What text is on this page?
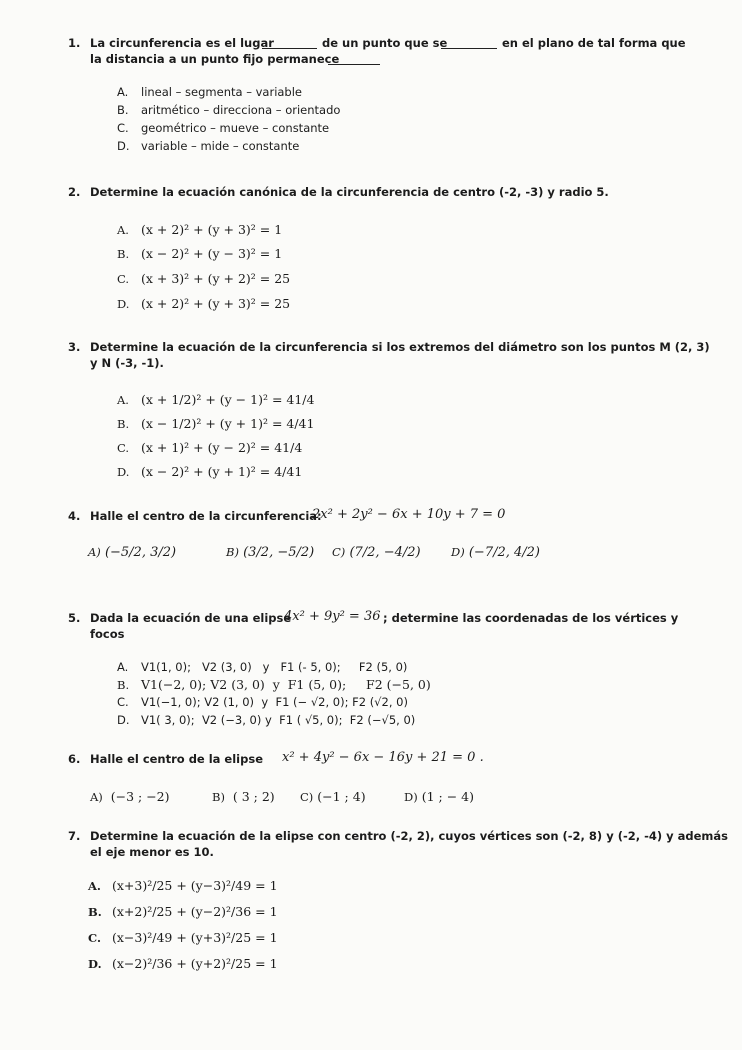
1. La circunferencia es el lugar	de un punto que se	en el plano de tal forma que
la distancia a un punto fijo permanece
A. lineal – segmenta – variable
B. aritmético – direcciona – orientado
C. geométrico – mueve – constante
D. variable – mide – constante
2. Determine la ecuación canónica de la circunferencia de centro (-2, -3) y radio 5.
A. (x + 2)² + (y + 3)² = 1
B. (x − 2)² + (y − 3)² = 1
C. (x + 3)² + (y + 2)² = 25
D. (x + 2)² + (y + 3)² = 25
3. Determine la ecuación de la circunferencia si los extremos del diámetro son los puntos M (2, 3)
y N (-3, -1).
A. (x + 1/2)² + (y − 1)² = 41/4
B. (x − 1/2)² + (y + 1)² = 4/41
C. (x + 1)² + (y − 2)² = 41/4
D. (x − 2)² + (y + 1)² = 4/41
4. Halle el centro de la circunferencia:
2x² + 2y² − 6x + 10y + 7 = 0
A) (−5/2, 3/2)	B) (3/2, −5/2) C) (7/2, −4/2)	D) (−7/2, 4/2)
5. Dada la ecuación de una elipse
4x² + 9y² = 36 ; determine las coordenadas de los vértices y
focos
A. V1(1, 0);   V2 (3, 0)   y   F1 (- 5, 0);     F2 (5, 0)
B. V1(−2, 0); V2 (3, 0)  y  F1 (5, 0);     F2 (−5, 0)
C. V1(−1, 0); V2 (1, 0)  y  F1 (− √2, 0); F2 (√2, 0)
D. V1( 3, 0);  V2 (−3, 0) y  F1 ( √5, 0);  F2 (−√5, 0)
6. Halle el centro de la elipse x² + 4y² − 6x − 16y + 21 = 0 .
A) (−3 ; −2)	B) ( 3 ; 2) C) (−1 ; 4)	D) (1 ; − 4)
7. Determine la ecuación de la elipse con centro (-2, 2), cuyos vértices son (-2, 8) y (-2, -4) y además
el eje menor es 10.
A. (x+3)²/25 + (y−3)²/49 = 1
B. (x+2)²/25 + (y−2)²/36 = 1
C. (x−3)²/49 + (y+3)²/25 = 1
D. (x−2)²/36 + (y+2)²/25 = 1
